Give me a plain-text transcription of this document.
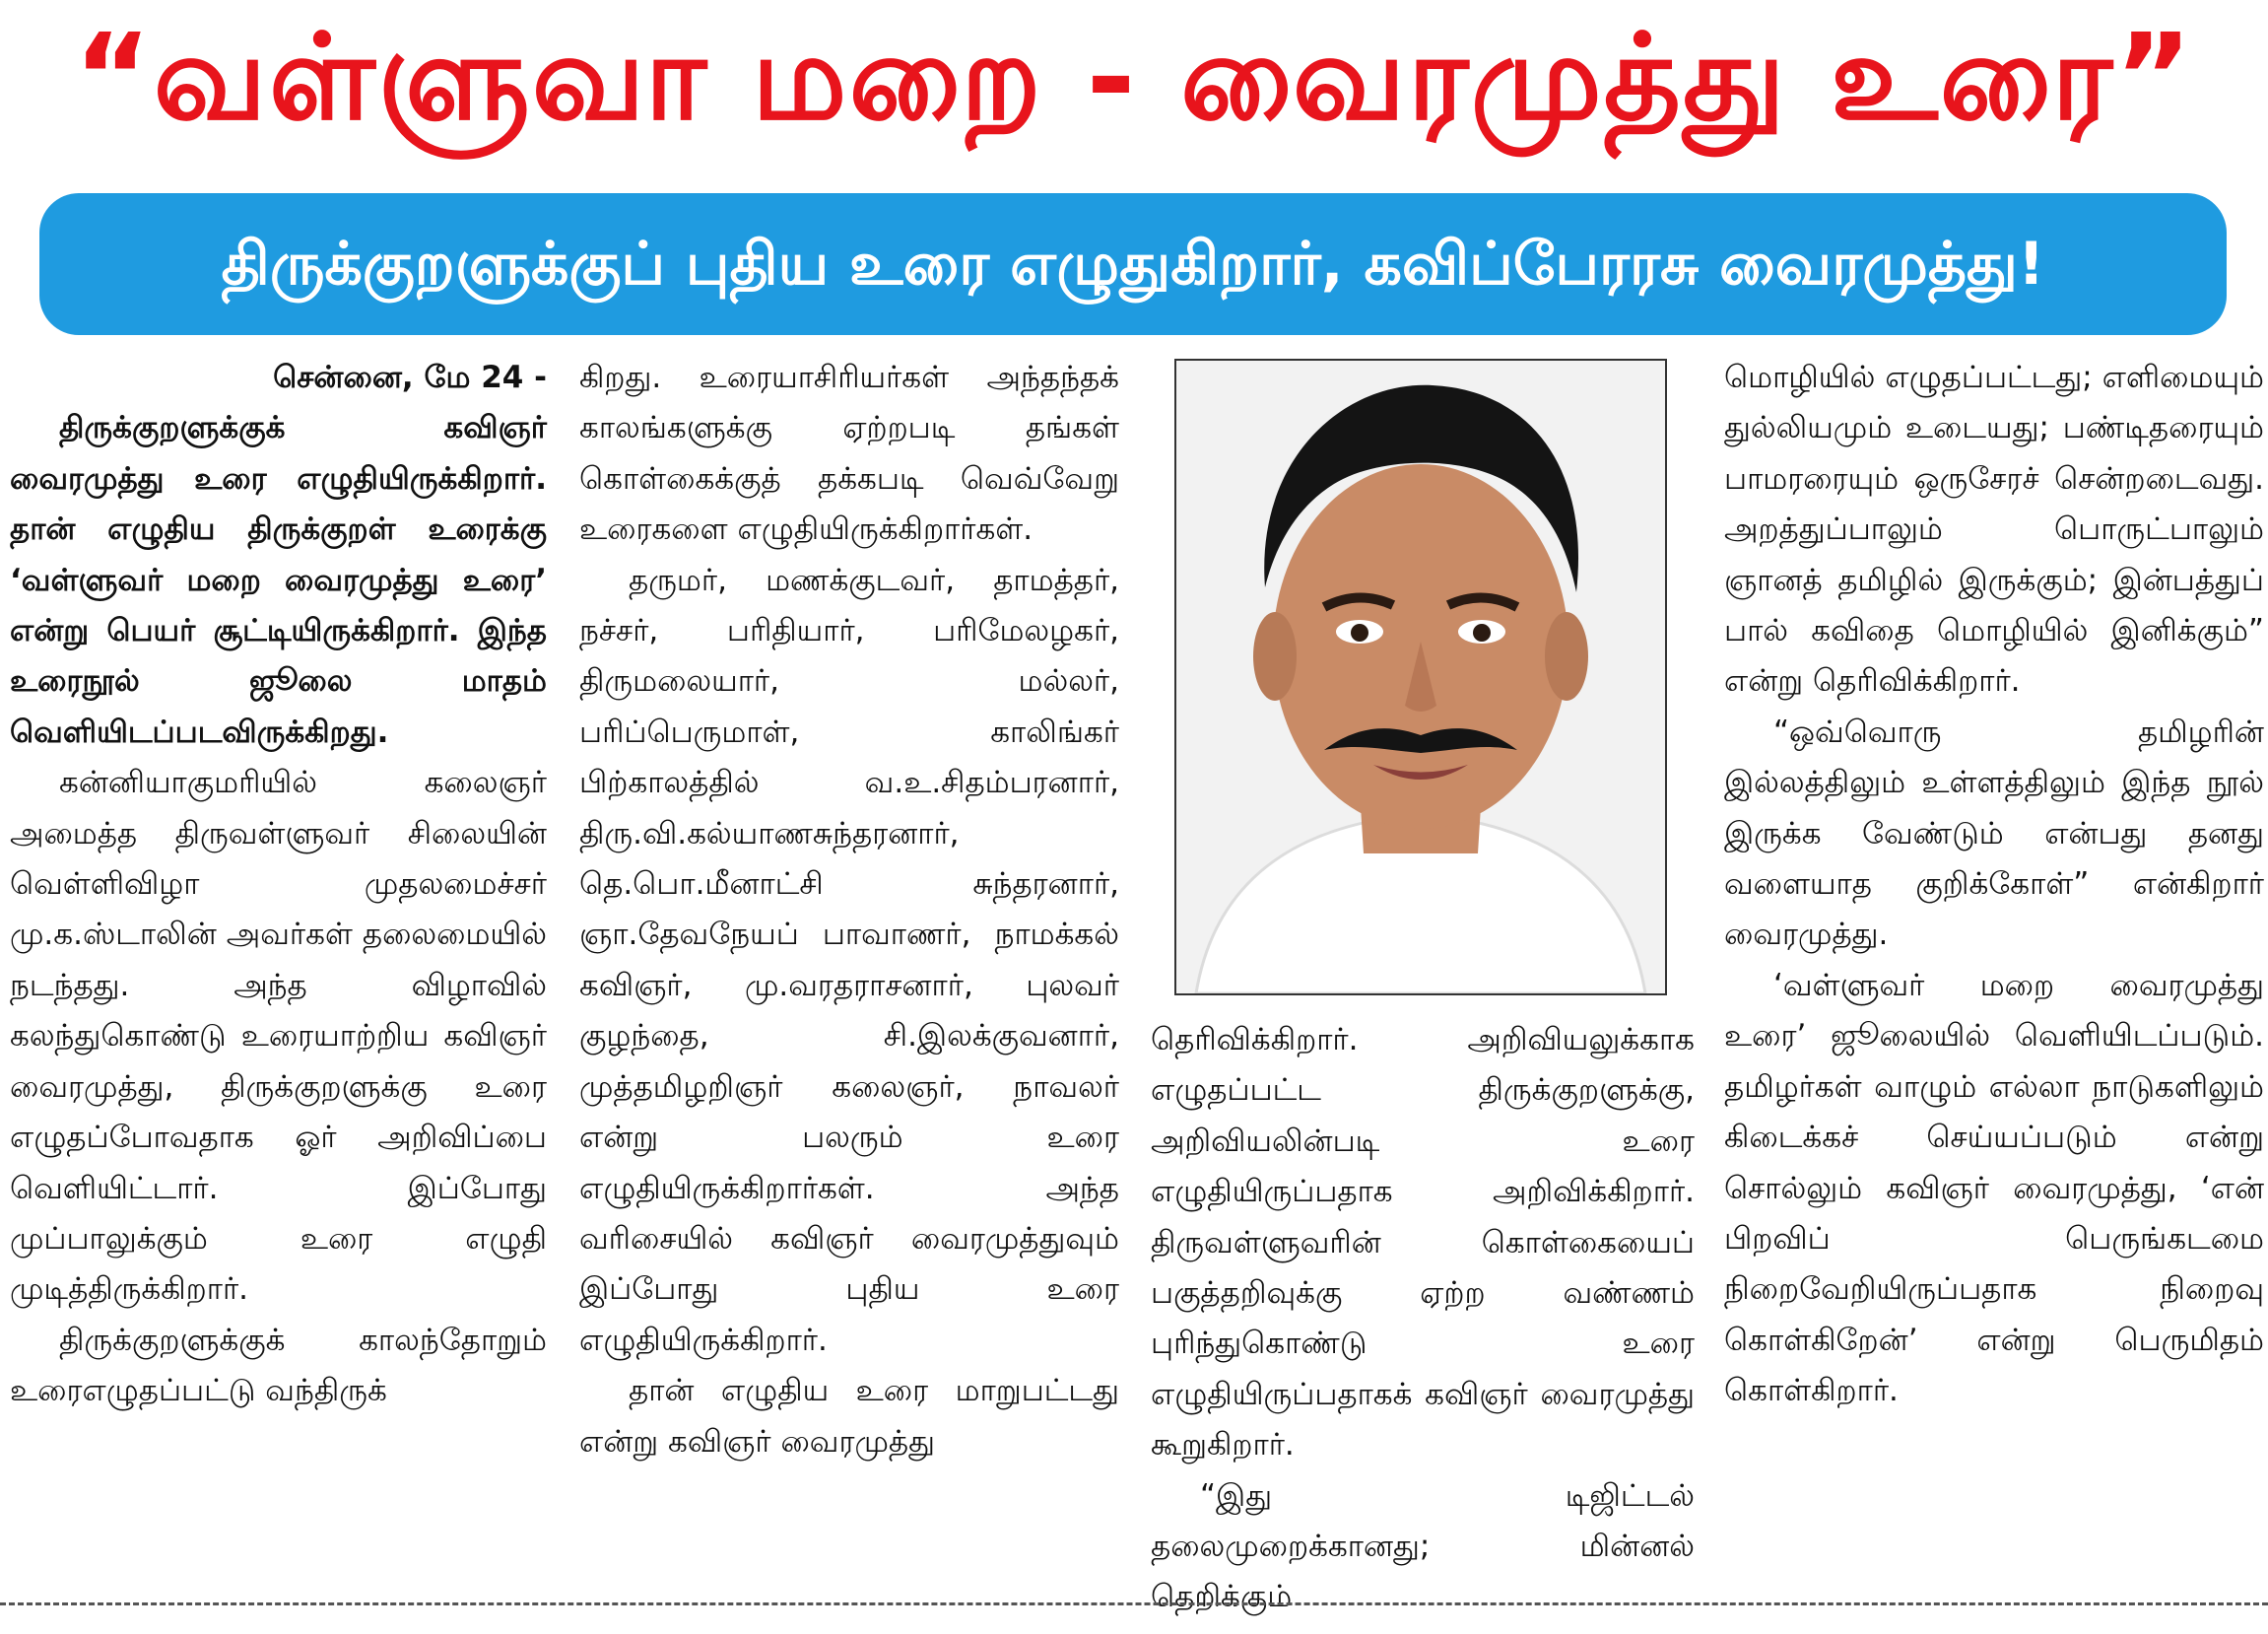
“வள்ளுவா மறை - வைரமுத்து உரை”
திருக்குறளுக்குப் புதிய உரை எழுதுகிறார், கவிப்பேரரசு வைரமுத்து!

சென்னை, மே 24 -

திருக்குறளுக்குக் கவிஞர் வைரமுத்து உரை எழுதியிருக்கிறார். தான் எழுதிய திருக்குறள் உரைக்கு ‘வள்ளுவர் மறை வைரமுத்து உரை’ என்று பெயர் சூட்டியிருக்கிறார். இந்த உரைநூல் ஜூலை மாதம் வெளியிடப்படவிருக்கிறது.

கன்னியாகுமரியில் கலைஞர் அமைத்த திருவள்ளுவர் சிலையின் வெள்ளிவிழா முதலமைச்சர் மு.க.ஸ்டாலின் அவர்கள் தலைமையில் நடந்தது. அந்த விழாவில் கலந்துகொண்டு உரையாற்றிய கவிஞர் வைரமுத்து, திருக்குறளுக்கு உரை எழுதப்போவதாக ஓர் அறிவிப்பை வெளியிட்டார். இப்போது முப்பாலுக்கும் உரை எழுதி முடித்திருக்கிறார்.

திருக்குறளுக்குக் காலந்தோறும் உரைஎழுதப்பட்டு வந்திருக்

கிறது. உரையாசிரியர்கள் அந்தந்தக் காலங்களுக்கு ஏற்றபடி தங்கள் கொள்கைக்குத் தக்கபடி வெவ்வேறு உரைகளை எழுதியிருக்கிறார்கள்.

தருமர், மணக்குடவர், தாமத்தர், நச்சர், பரிதியார், பரிமேலழகர், திருமலையார், மல்லர், பரிப்பெருமாள், காலிங்கர் பிற்காலத்தில் வ.உ.சிதம்பரனார், திரு.வி.கல்யாணசுந்தரனார், தெ.பொ.மீனாட்சி சுந்தரனார், ஞா.தேவநேயப் பாவாணர், நாமக்கல் கவிஞர், மு.வரதராசனார், புலவர் குழந்தை, சி.இலக்குவனார், முத்தமிழறிஞர் கலைஞர், நாவலர் என்று பலரும் உரை எழுதியிருக்கிறார்கள். அந்த வரிசையில் கவிஞர் வைரமுத்துவும் இப்போது புதிய உரை எழுதியிருக்கிறார்.

தான் எழுதிய உரை மாறுபட்டது என்று கவிஞர் வைரமுத்து

தெரிவிக்கிறார். அறிவியலுக்காக எழுதப்பட்ட திருக்குறளுக்கு, அறிவியலின்படி உரை எழுதியிருப்பதாக அறிவிக்கிறார். திருவள்ளுவரின் கொள்கையைப் பகுத்தறிவுக்கு ஏற்ற வண்ணம் புரிந்துகொண்டு உரை எழுதியிருப்பதாகக் கவிஞர் வைரமுத்து கூறுகிறார்.

“இது டிஜிட்டல் தலைமுறைக்கானது; மின்னல் தெறிக்கும்

மொழியில் எழுதப்பட்டது; எளிமையும் துல்லியமும் உடையது; பண்டிதரையும் பாமரரையும் ஒருசேரச் சென்றடைவது. அறத்துப்பாலும் பொருட்பாலும் ஞானத் தமிழில் இருக்கும்; இன்பத்துப் பால் கவிதை மொழியில் இனிக்கும்” என்று தெரிவிக்கிறார்.

“ஒவ்வொரு தமிழரின் இல்லத்திலும் உள்ளத்திலும் இந்த நூல் இருக்க வேண்டும் என்பது தனது வளையாத குறிக்கோள்” என்கிறார் வைரமுத்து.

‘வள்ளுவர் மறை வைரமுத்து உரை’ ஜூலையில் வெளியிடப்படும். தமிழர்கள் வாழும் எல்லா நாடுகளிலும் கிடைக்கச் செய்யப்படும் என்று சொல்லும் கவிஞர் வைரமுத்து, ‘என் பிறவிப் பெருங்கடமை நிறைவேறியிருப்பதாக நிறைவு கொள்கிறேன்’ என்று பெருமிதம் கொள்கிறார்.
